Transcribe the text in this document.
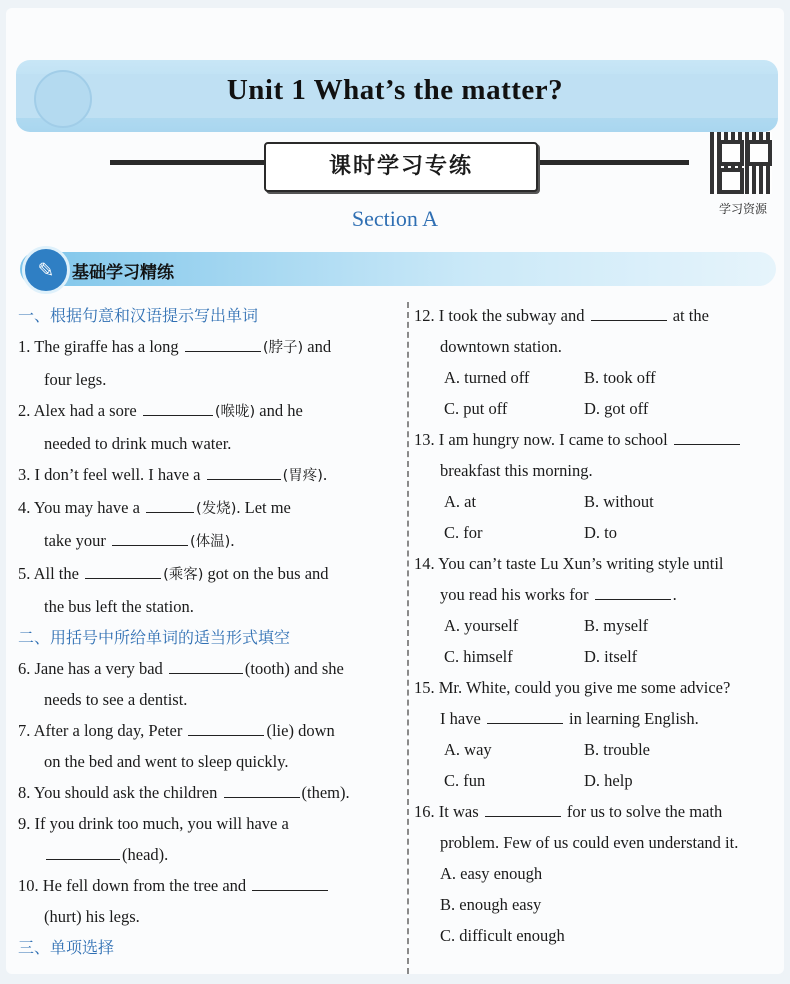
Unit 1 What’s the matter?
课时学习专练
学习资源
Section A
✎	基础学习精练
一、根据句意和汉语提示写出单词
1. The giraffe has a long	(脖子) and
four legs.
2. Alex had a sore	(喉咙) and he
needed to drink much water.
3. I don’t feel well. I have a	(胃疼).
4. You may have a	(发烧). Let me
take your	(体温).
5. All the	(乘客) got on the bus and
the bus left the station.
二、用括号中所给单词的适当形式填空
6. Jane has a very bad	(tooth) and she
needs to see a dentist.
7. After a long day, Peter	(lie) down
on the bed and went to sleep quickly.
8. You should ask the children	(them).
9. If you drink too much, you will have a
(head).
10. He fell down from the tree and
(hurt) his legs.
三、单项选择
12. I took the subway and	at the
downtown station.
A. turned off	B. took off
C. put off	D. got off
13. I am hungry now. I came to school
breakfast this morning.
A. at	B. without
C. for	D. to
14. You can’t taste Lu Xun’s writing style until
you read his works for	.
A. yourself	B. myself
C. himself	D. itself
15. Mr. White, could you give me some advice?
I have	in learning English.
A. way	B. trouble
C. fun	D. help
16. It was	for us to solve the math
problem. Few of us could even understand it.
A. easy enough
B. enough easy
C. difficult enough
